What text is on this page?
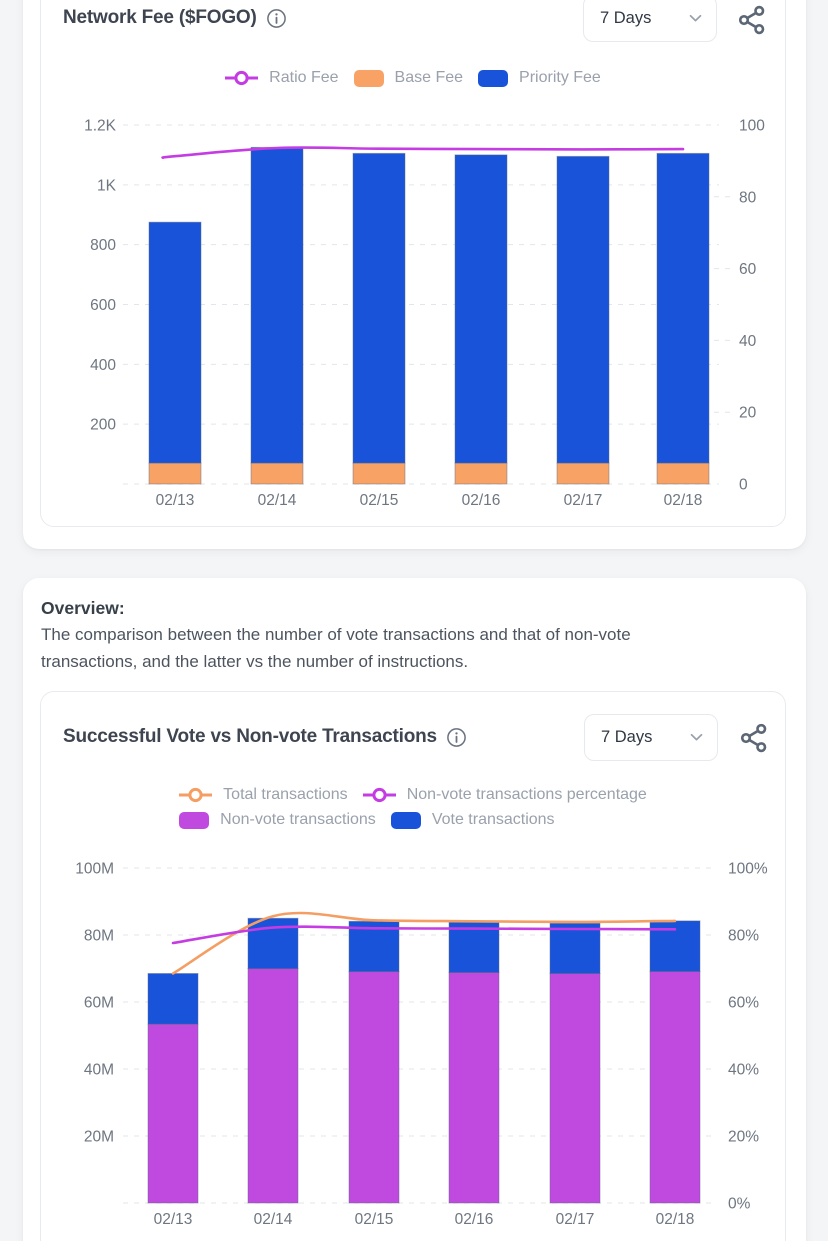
Network Fee ($FOGO)	7 Days
Ratio Fee	Base Fee	Priority Fee
1.2K
1K
800
600
400
200
100
80
60
40
20
0
02/13	02/14	02/15	02/16	02/17	02/18
Overview:

The comparison between the number of vote transactions and that of non-vote

transactions, and the latter vs the number of instructions.

Successful Vote vs Non-vote Transactions	7 Days
Total transactions	Non-vote transactions percentage
Non-vote transactions	Vote transactions
100M
80M
60M
40M
20M
100%
80%
60%
40%
20%
0%
02/13	02/14	02/15	02/16	02/17	02/18
